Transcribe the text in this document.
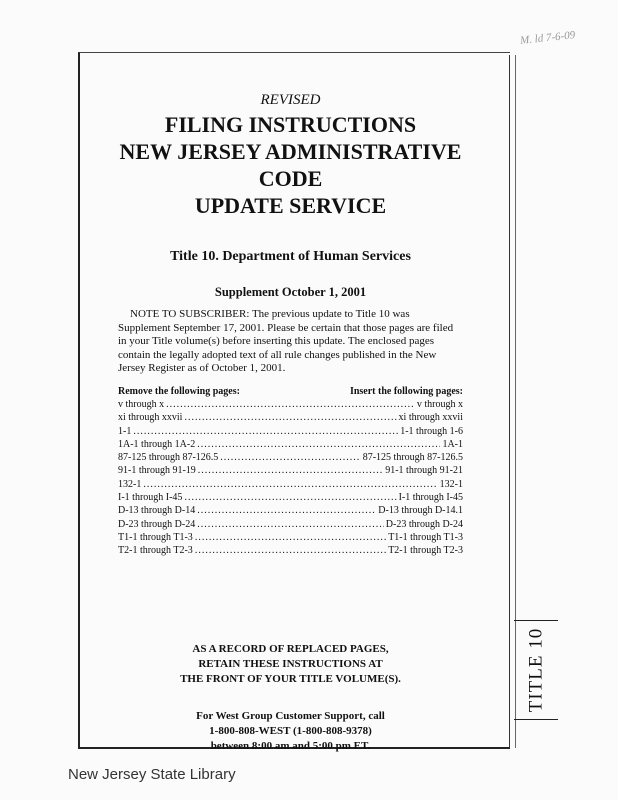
M. ld 7-6-09
TITLE 10
REVISED
FILING INSTRUCTIONS
NEW JERSEY ADMINISTRATIVE CODE
UPDATE SERVICE
Title 10. Department of Human Services
Supplement October 1, 2001
NOTE TO SUBSCRIBER: The previous update to Title 10 was
Supplement September 17, 2001. Please be certain that those pages are filed
in your Title volume(s) before inserting this update. The enclosed pages
contain the legally adopted text of all rule changes published in the New
Jersey Register as of October 1, 2001.
Remove the following pages:	Insert the following pages:
v through x .....	v through x
xi through xxvii .....	xi through xxvii
1-1 .....	1-1 through 1-6
1A-1 through 1A-2 .....	1A-1
87-125 through 87-126.5 .....	87-125 through 87-126.5
91-1 through 91-19 .....	91-1 through 91-21
132-1 .....	132-1
I-1 through I-45 .....	I-1 through I-45
D-13 through D-14 .....	D-13 through D-14.1
D-23 through D-24 .....	D-23 through D-24
T1-1 through T1-3 .....	T1-1 through T1-3
T2-1 through T2-3 .....	T2-1 through T2-3
AS A RECORD OF REPLACED PAGES,
RETAIN THESE INSTRUCTIONS AT
THE FRONT OF YOUR TITLE VOLUME(S).
For West Group Customer Support, call
1-800-808-WEST (1-800-808-9378)
between 8:00 am and 5:00 pm ET.
New Jersey State Library
